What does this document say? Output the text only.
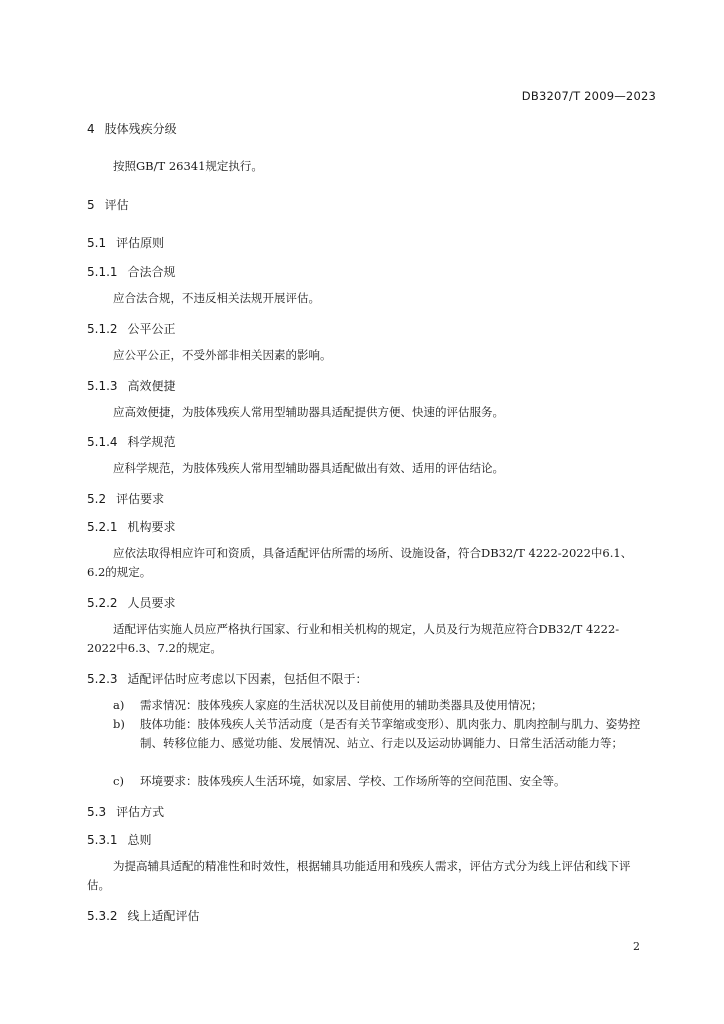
DB3207/T 2009—2023
4 肢体残疾分级
按照GB/T 26341规定执行。
5 评估
5.1 评估原则
5.1.1 合法合规
应合法合规，不违反相关法规开展评估。
5.1.2 公平公正
应公平公正，不受外部非相关因素的影响。
5.1.3 高效便捷
应高效便捷，为肢体残疾人常用型辅助器具适配提供方便、快速的评估服务。
5.1.4 科学规范
应科学规范，为肢体残疾人常用型辅助器具适配做出有效、适用的评估结论。
5.2 评估要求
5.2.1 机构要求
应依法取得相应许可和资质，具备适配评估所需的场所、设施设备，符合DB32/T 4222-2022中6.1、6.2的规定。
5.2.2 人员要求
适配评估实施人员应严格执行国家、行业和相关机构的规定，人员及行为规范应符合DB32/T 4222-2022中6.3、7.2的规定。
5.2.3 适配评估时应考虑以下因素，包括但不限于：
a) 需求情况：肢体残疾人家庭的生活状况以及目前使用的辅助类器具及使用情况；
b) 肢体功能：肢体残疾人关节活动度（是否有关节挛缩或变形）、肌肉张力、肌肉控制与肌力、姿势控制、转移位能力、感觉功能、发展情况、站立、行走以及运动协调能力、日常生活活动能力等；
c) 环境要求：肢体残疾人生活环境，如家居、学校、工作场所等的空间范围、安全等。
5.3 评估方式
5.3.1 总则
为提高辅具适配的精准性和时效性，根据辅具功能适用和残疾人需求，评估方式分为线上评估和线下评估。
5.3.2 线上适配评估
2
